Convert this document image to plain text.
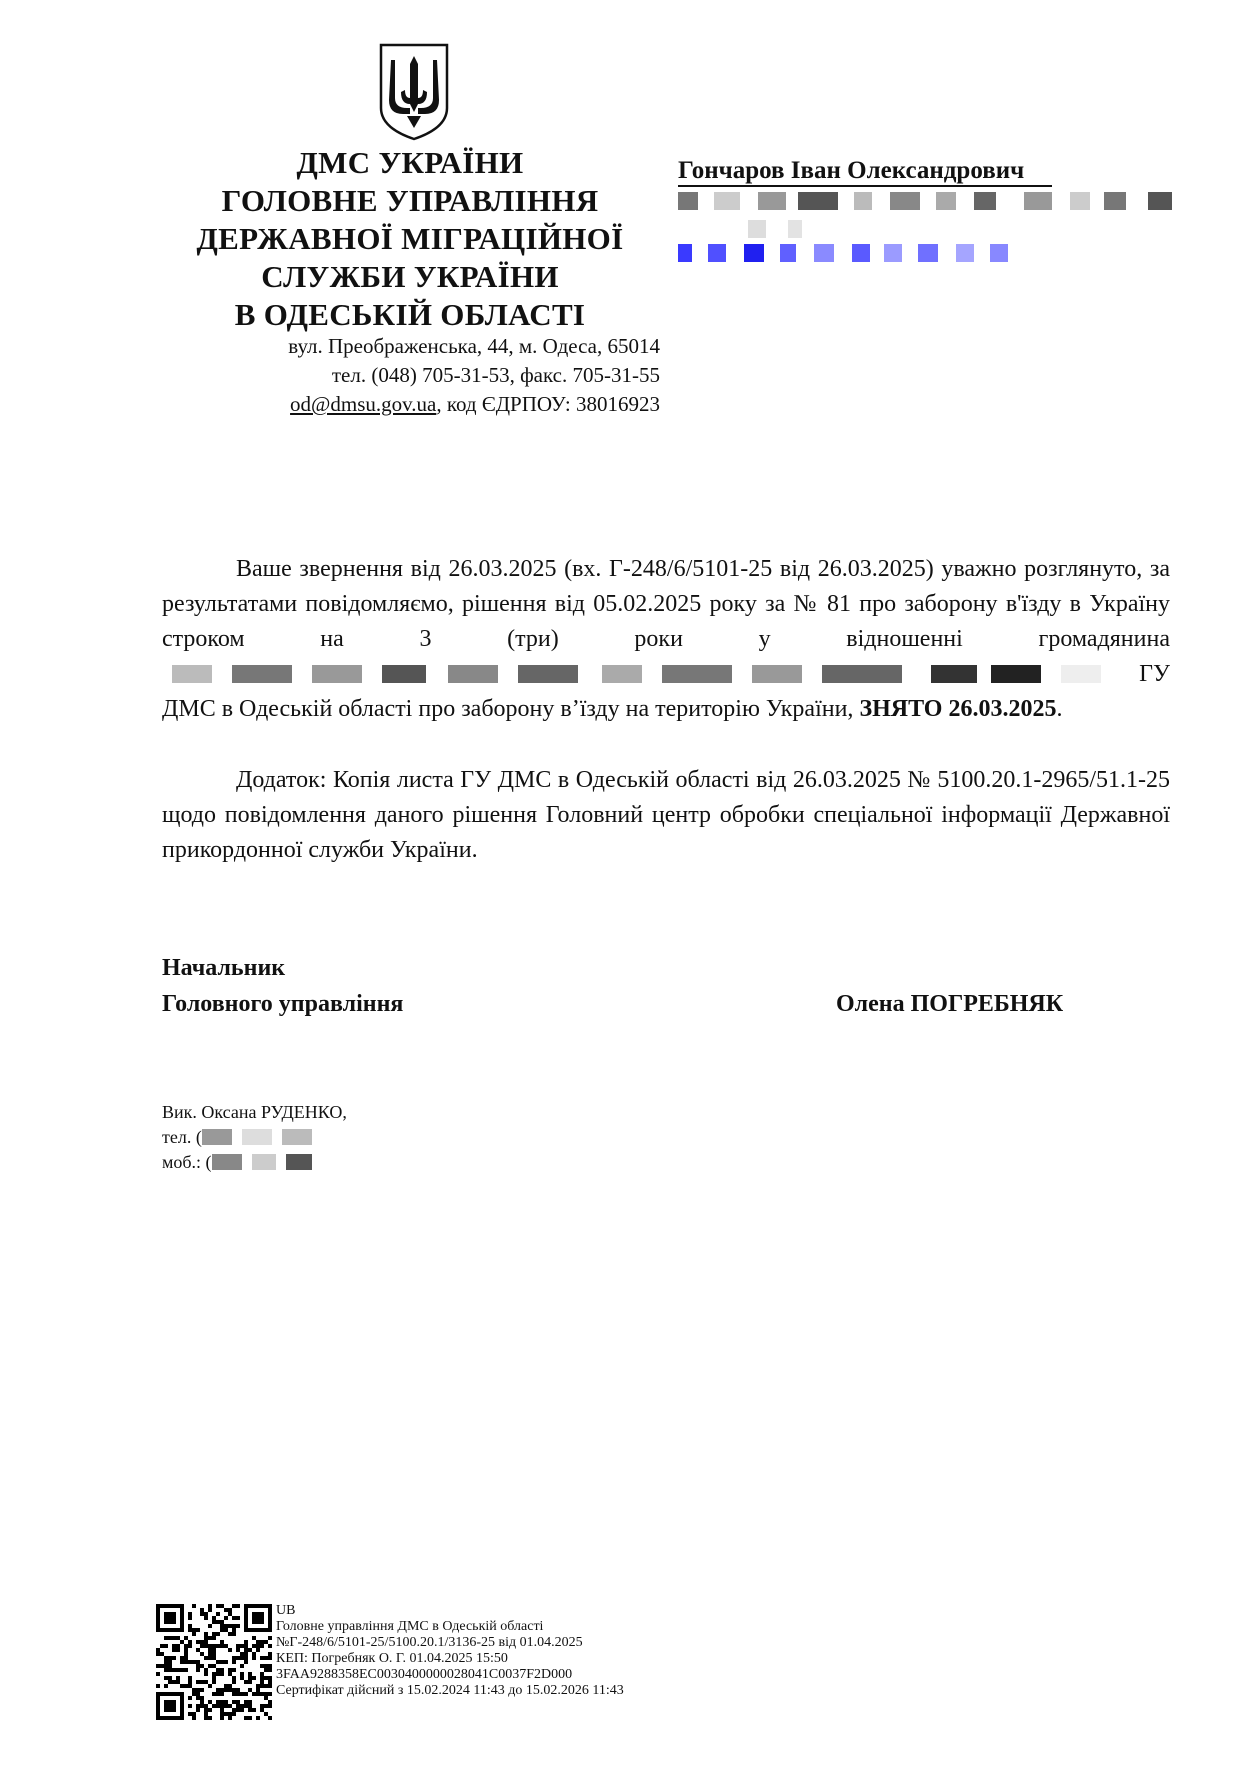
ДМС УКРАЇНИ
ГОЛОВНЕ УПРАВЛІННЯ
ДЕРЖАВНОЇ МІГРАЦІЙНОЇ
СЛУЖБИ УКРАЇНИ
В ОДЕСЬКІЙ ОБЛАСТІ
вул. Преображенська, 44, м. Одеса, 65014
тел. (048) 705-31-53, факс. 705-31-55
od@dmsu.gov.ua, код ЄДРПОУ: 38016923
Гончаров Іван Олександрович

Ваше звернення від 26.03.2025 (вх. Г-248/6/5101-25 від 26.03.2025) уважно розглянуто, за результатами повідомляємо, рішення від 05.02.2025 року за № 81 про заборону в'їзду в Україну строком на 3 (три) роки у відношенні громадянина

ГУ ДМС в Одеській області про заборону в’їзду на територію України, ЗНЯТО 26.03.2025.

Додаток: Копія листа ГУ ДМС в Одеській області від 26.03.2025 № 5100.20.1-2965/51.1-25 щодо повідомлення даного рішення Головний центр обробки спеціальної інформації Державної прикордонної служби України.

Начальник
Головного управління	Олена ПОГРЕБНЯК
Вик. Оксана РУДЕНКО,
тел. (
моб.: (
UB
Головне управління ДМС в Одеській області
№Г-248/6/5101-25/5100.20.1/3136-25 від 01.04.2025
КЕП: Погребняк О. Г. 01.04.2025 15:50
3FAA9288358EC0030400000028041C0037F2D000
Сертифікат дійсний з 15.02.2024 11:43 до 15.02.2026 11:43
